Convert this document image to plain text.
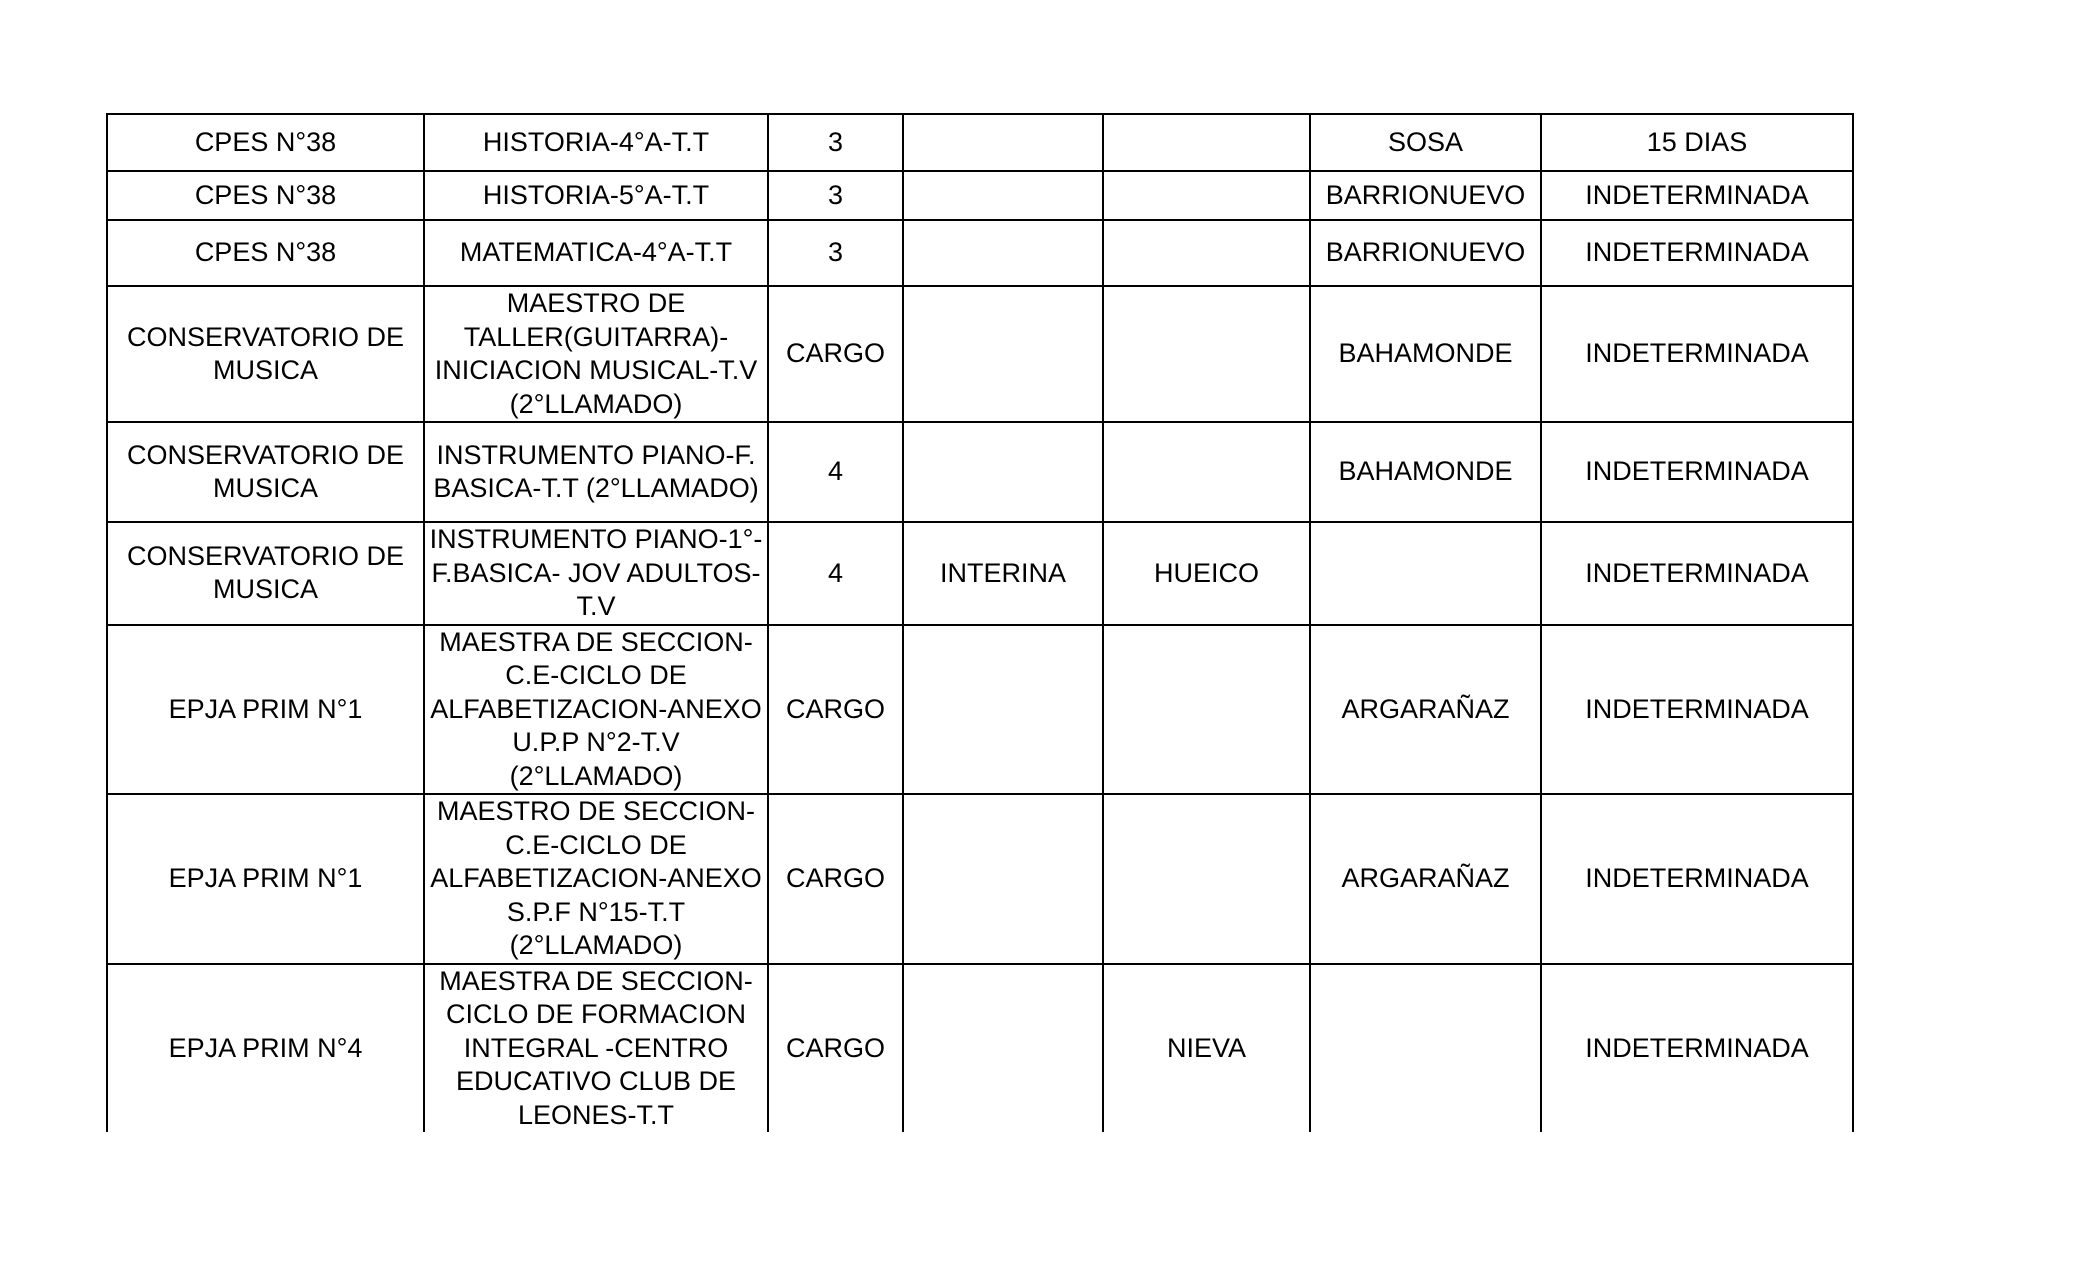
CPES N°38	HISTORIA-4°A-T.T	3			SOSA	15 DIAS
CPES N°38	HISTORIA-5°A-T.T	3			BARRIONUEVO	INDETERMINADA
CPES N°38	MATEMATICA-4°A-T.T	3			BARRIONUEVO	INDETERMINADA
CONSERVATORIO DE MUSICA	MAESTRO DE TALLER(GUITARRA)-INICIACION MUSICAL-T.V (2°LLAMADO)	CARGO			BAHAMONDE	INDETERMINADA
CONSERVATORIO DE MUSICA	INSTRUMENTO PIANO-F. BASICA-T.T (2°LLAMADO)	4			BAHAMONDE	INDETERMINADA
CONSERVATORIO DE MUSICA	INSTRUMENTO PIANO-1°-F.BASICA- JOV ADULTOS-T.V	4	INTERINA	HUEICO		INDETERMINADA
EPJA PRIM N°1	MAESTRA DE SECCION-C.E-CICLO DE ALFABETIZACION-ANEXO U.P.P N°2-T.V (2°LLAMADO)	CARGO			ARGARAÑAZ	INDETERMINADA
EPJA PRIM N°1	MAESTRO DE SECCION-C.E-CICLO DE ALFABETIZACION-ANEXO S.P.F N°15-T.T (2°LLAMADO)	CARGO			ARGARAÑAZ	INDETERMINADA
EPJA PRIM N°4	MAESTRA DE SECCION-CICLO DE FORMACION INTEGRAL -CENTRO EDUCATIVO CLUB DE LEONES-T.T	CARGO		NIEVA		INDETERMINADA
